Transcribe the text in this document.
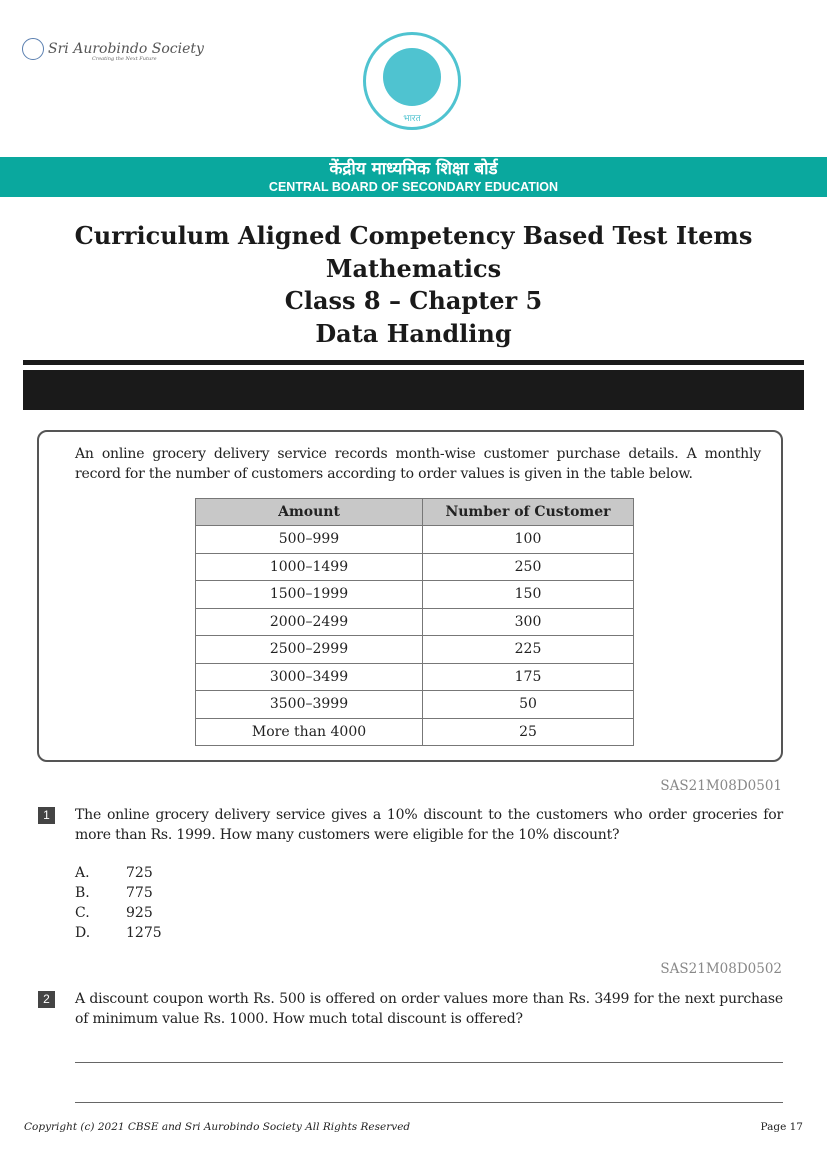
Sri Aurobindo Society
Creating the Next Future
भारत
केंद्रीय माध्यमिक शिक्षा बोर्ड
CENTRAL BOARD OF SECONDARY EDUCATION
Curriculum Aligned Competency Based Test Items
Mathematics
Class 8 – Chapter 5
Data Handling
An online grocery delivery service records month-wise customer purchase details. A monthly record for the number of customers according to order values is given in the table below.
Amount	Number of Customer
500–999	100
1000–1499	250
1500–1999	150
2000–2499	300
2500–2999	225
3000–3499	175
3500–3999	50
More than 4000	25
SAS21M08D0501
1	The online grocery delivery service gives a 10% discount to the customers who order groceries for more than Rs. 1999. How many customers were eligible for the 10% discount?
A.	725
B.	775
C.	925
D.	1275
SAS21M08D0502
2	A discount coupon worth Rs. 500 is offered on order values more than Rs. 3499 for the next purchase of minimum value Rs. 1000. How much total discount is offered?
Copyright (c) 2021 CBSE and Sri Aurobindo Society All Rights Reserved	Page 17
